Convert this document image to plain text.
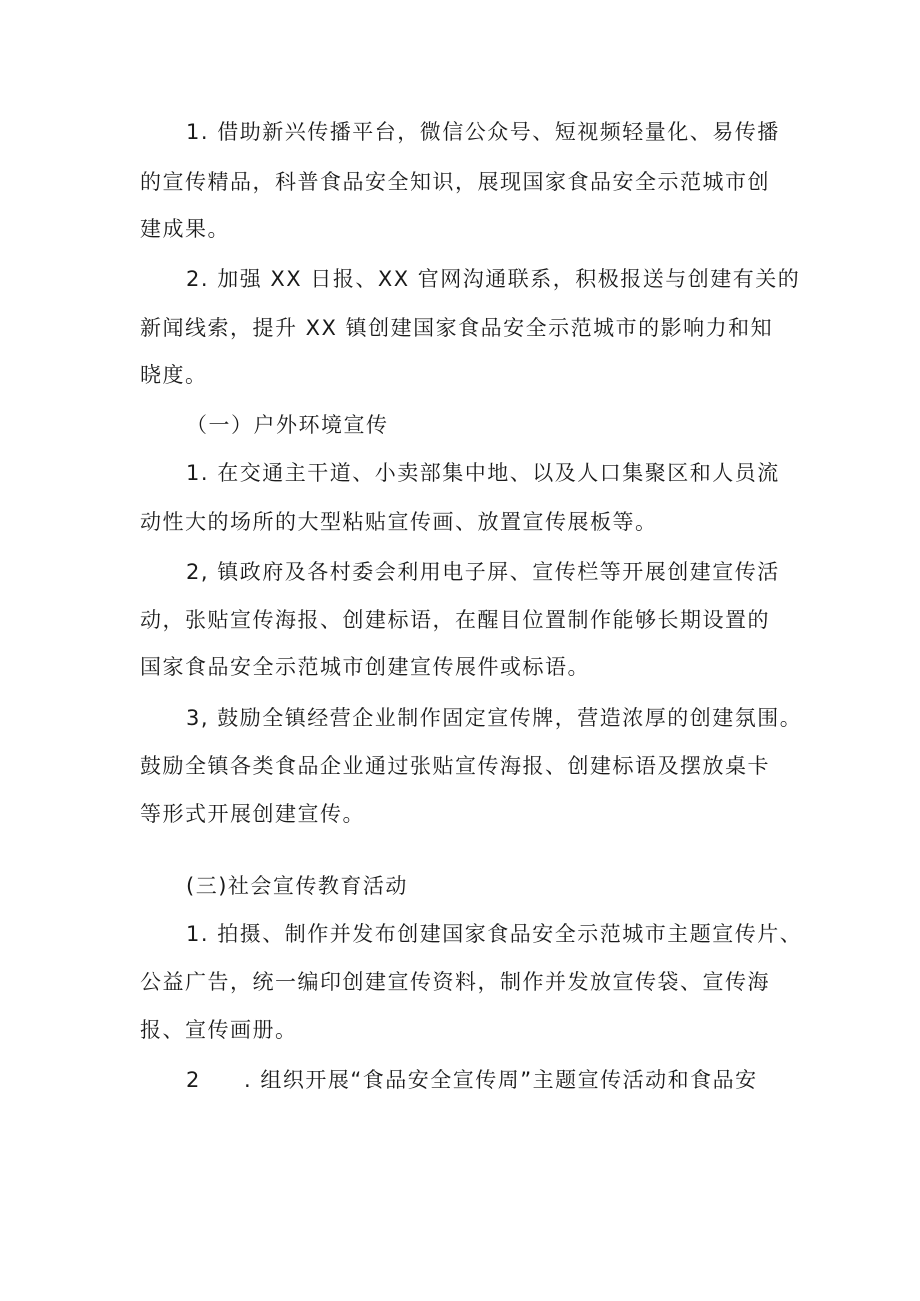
1. 借助新兴传播平台，微信公众号、短视频轻量化、易传播
的宣传精品，科普食品安全知识，展现国家食品安全示范城市创
建成果。
2. 加强 XX 日报、XX 官网沟通联系，积极报送与创建有关的
新闻线索，提升 XX 镇创建国家食品安全示范城市的影响力和知
晓度。
（一）户外环境宣传
1. 在交通主干道、小卖部集中地、以及人口集聚区和人员流
动性大的场所的大型粘贴宣传画、放置宣传展板等。
2, 镇政府及各村委会利用电子屏、宣传栏等开展创建宣传活
动，张贴宣传海报、创建标语，在醒目位置制作能够长期设置的
国家食品安全示范城市创建宣传展件或标语。
3, 鼓励全镇经营企业制作固定宣传牌，营造浓厚的创建氛围。
鼓励全镇各类食品企业通过张贴宣传海报、创建标语及摆放桌卡
等形式开展创建宣传。
(三)社会宣传教育活动
1. 拍摄、制作并发布创建国家食品安全示范城市主题宣传片、
公益广告，统一编印创建宣传资料，制作并发放宣传袋、宣传海
报、宣传画册。
2 . 组织开展“食品安全宣传周”主题宣传活动和食品安
